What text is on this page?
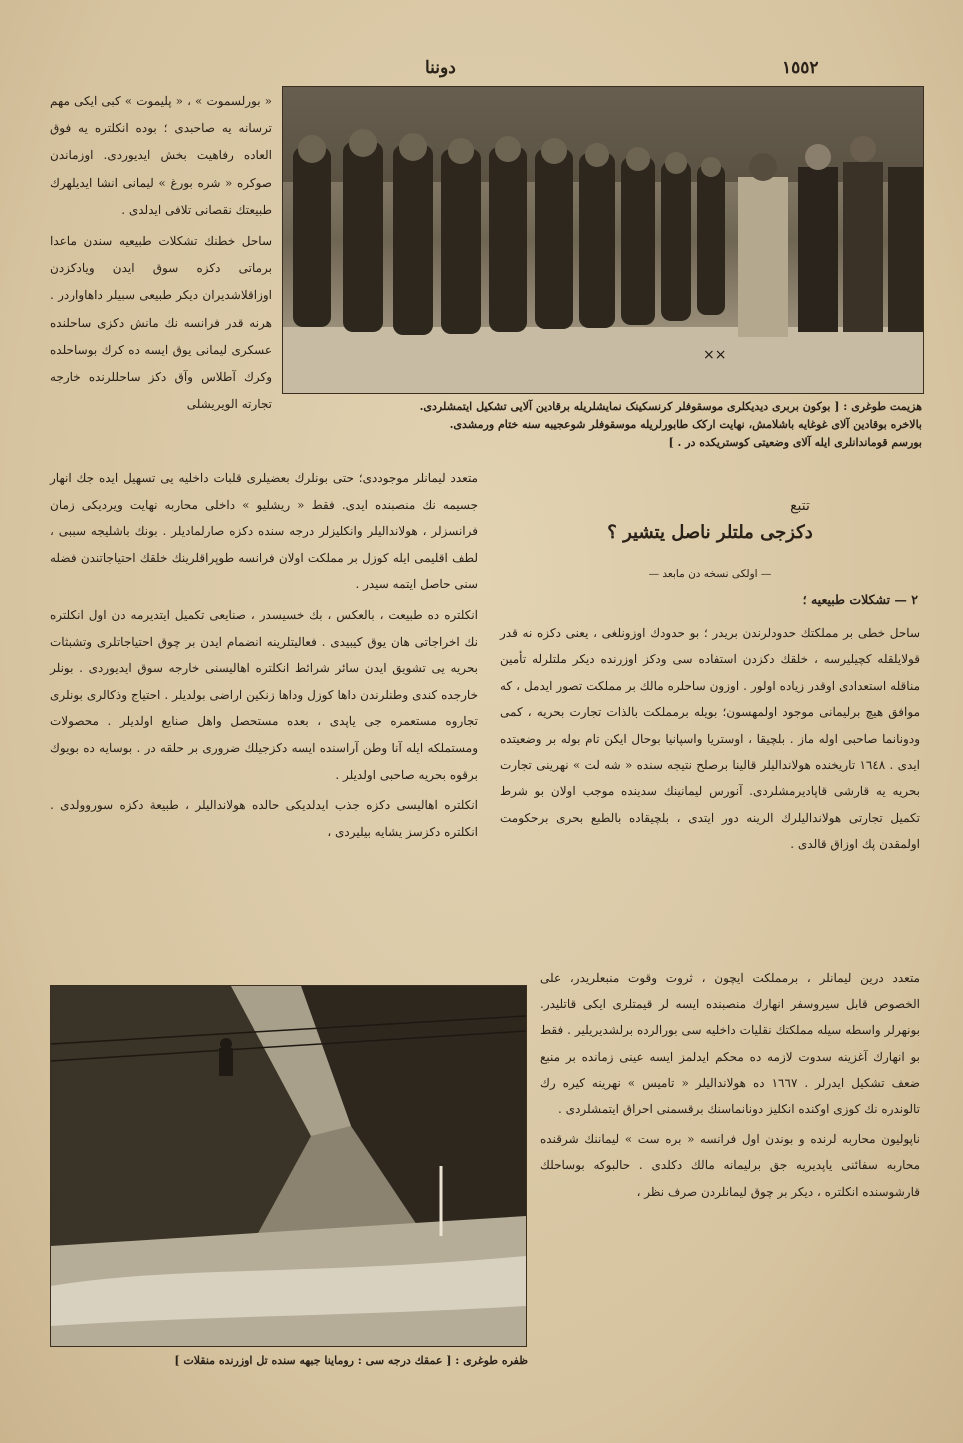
دوننا	١٥٥٢
××
هزیمت طوغری : [ بوکون بربری دیدیکلری موسقوفلر کرنسکینک نمایشلریله برقادین آلایی تشکیل ایتمشلردی.
بالاخره بوقادین آلای غوغایه باشلامش، نهایت ارکک طابورلریله موسقوفلر شوعجیبه سنه ختام ورمشدی.
بورسم قوماندانلری ایله آلای وضعیتی کوستریکده در . ]

« بورلسموت » ، « پلیموت » کبی ایکی مهم ترسانه یه صاحبدی ؛ بوده انکلتره یه فوق العاده رفاهیت بخش ایدیوردی. اوزماندن صوکره « شره بورغ » لیمانی انشا ایدیلهرك طبیعتك نقصانی تلافی ایدلدی .

ساحل خطنك تشکلات طبیعیه سندن ماعدا برماتی دکزه سوق ایدن ویادکزدن اوزاقلاشدیران دیکر طبیعی سبیلر داهاواردر . هرنه قدر فرانسه نك مانش دکزی ساحلنده عسکری لیمانی یوق ایسه ده کرك بوساحلده وکرك آطلاس وآق دکز ساحللرنده خارجه تجارته الویریشلی

تتبع
دکزجی ملتلر ناصل یتشیر ؟
— اولکی نسخه دن مابعد —
٢ — تشکلات طبیعیه ؛

ساحل خطی بر مملکتك حدودلرندن بریدر ؛ بو حدودك اوزونلغی ، یعنی دکزه نه قدر قولایلقله کچیلیرسه ، خلقك دکزدن استفاده سی ودکز اوزرنده دیکر ملتلرله تأمین مناقله استعدادی اوقدر زیاده اولور . اوزون ساحلره مالك بر مملکت تصور ایدمل ، که موافق هیچ برلیمانی موجود اولمهسون؛ بویله برمملکت بالذات تجارت بحریه ، کمی ودونانما صاحبی اوله ماز . بلچیقا ، اوستریا واسپانیا بوحال ایکن تام بوله بر وضعیتده ایدی . ١٦٤٨ تاریخنده هولاندالیلر قالینا برصلح نتیجه سنده « شه لت » نهرینی تجارت بحریه یه قارشی قاپادیرمشلردی. آنورس لیمانینك سدینده موجب اولان بو شرط تکمیل تجارتی هولاندالیلرك الرینه دور ایتدی ، بلچیقاده بالطبع بحری برحکومت اولمقدن پك اوزاق قالدی .

متعدد درین لیمانلر ، برمملکت ایچون ، ثروت وقوت منبعلریدر، علی الخصوص قابل سیروسفر انهارك منصبنده ایسه لر قیمتلری ایکی قاتلیدر. بونهرلر واسطه سیله مملکتك نقلیات داخلیه سی بورالرده برلشدیریلیر . فقط بو انهارك آغزینه سدوت لازمه ده محکم ایدلمز ایسه عینی زمانده بر منبع ضعف تشکیل ایدرلر . ١٦٦٧ ده هولاندالیلر « تامیس » نهرینه کیره رك تالوندره نك کوزی اوکنده انکلیز دونانماسنك برقسمنی احراق ایتمشلردی .

ناپولیون محاربه لرنده و بوندن اول فرانسه « بره ست » لیماننك شرقنده محاربه سفائنی یاپدیریه جق برلیمانه مالك دکلدی . حالبوکه بوساحلك قارشوسنده انکلتره ، دیکر بر چوق لیمانلردن صرف نظر ،

متعدد لیمانلر موجوددی؛ حتی بونلرك بعضیلری قلبات داخلیه یی تسهیل ایده جك انهار جسیمه نك منصبنده ایدی. فقط « ریشلیو » داخلی محاربه نهایت ویردیکی زمان فرانسزلر ، هولاندالیلر وانکلیزلر درجه سنده دکزه صارلمادیلر . بونك باشلیجه سببی ، لطف اقلیمی ایله کوزل بر مملکت اولان فرانسه طوپراقلرینك خلقك احتیاجاتندن فضله سنی حاصل ایتمه سیدر .

انکلتره ده طبیعت ، بالعکس ، بك خسیسدر ، صنایعی تکمیل ایتدیرمه دن اول انکلتره نك اخراجاتی هان یوق کیبیدی . فعالیتلرینه انضمام ایدن بر چوق احتیاجاتلری وتشبثات بحریه یی تشویق ایدن سائر شرائط انکلتره اهالیسنی خارجه سوق ایدیوردی . بونلر خارجده کندی وطنلرندن داها کوزل وداها زنکین اراضی بولدیلر . احتیاج وذکالری بونلری تجاروه مستعمره جی یاپدی ، بعده مستحصل واهل صنایع اولدیلر . محصولات ومستملکه ایله آنا وطن آراسنده ایسه دکزجیلك ضروری بر حلقه در . بوسایه ده بویوك برقوه بحریه صاحبی اولدیلر .

انکلتره اهالیسی دکزه جذب ایدلدیکی حالده هولاندالیلر ، طبیعة دکزه سوروولدی . انکلتره دکزسز یشایه بیلیردی ،

ظفره طوغری : [ عمقك درجه سی : روماینا جبهه سنده تل اوزرنده منقلات ]
